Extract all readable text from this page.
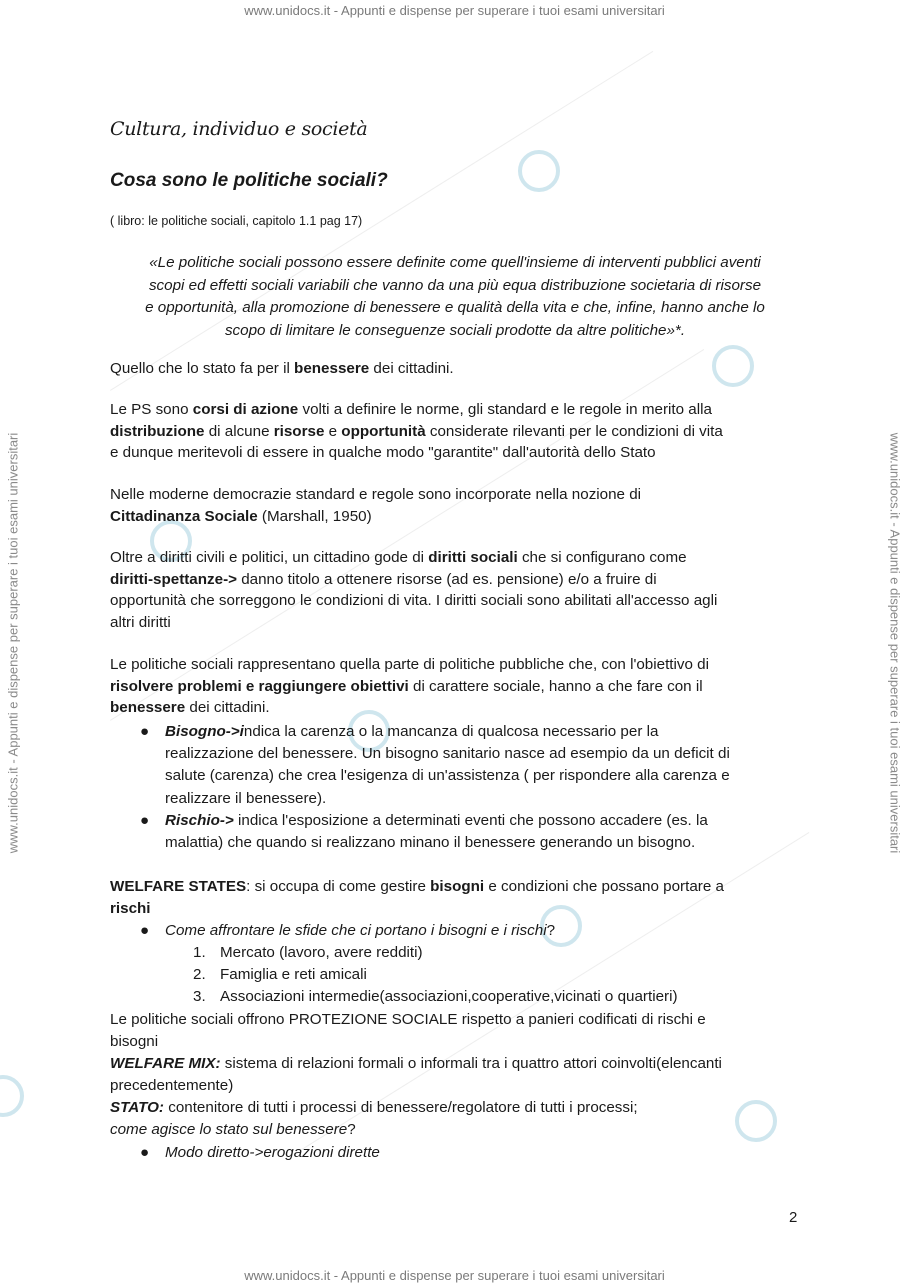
www.unidocs.it - Appunti e dispense per superare i tuoi esami universitari
www.unidocs.it - Appunti e dispense per superare i tuoi esami universitari
www.unidocs.it - Appunti e dispense per superare i tuoi esami universitari	www.unidocs.it - Appunti e dispense per superare i tuoi esami universitari
Cultura, individuo e società
Cosa sono le politiche sociali?
( libro: le politiche sociali, capitolo 1.1 pag 17)
«Le politiche sociali possono essere definite come quell'insieme di interventi pubblici aventi
scopi ed effetti sociali variabili che vanno da una più equa distribuzione societaria di risorse
e opportunità, alla promozione di benessere e qualità della vita e che, infine, hanno anche lo
scopo di limitare le conseguenze sociali prodotte da altre politiche»*.
Quello che lo stato fa per il benessere dei cittadini.
Le PS sono corsi di azione volti a definire le norme, gli standard e le regole in merito alla
distribuzione di alcune risorse e opportunità considerate rilevanti per le condizioni di vita
e dunque meritevoli di essere in qualche modo "garantite" dall'autorità dello Stato
Nelle moderne democrazie standard e regole sono incorporate nella nozione di
Cittadinanza Sociale (Marshall, 1950)
Oltre a diritti civili e politici, un cittadino gode di diritti sociali che si configurano come
diritti-spettanze-> danno titolo a ottenere risorse (ad es. pensione) e/o a fruire di
opportunità che sorreggono le condizioni di vita. I diritti sociali sono abilitati all'accesso agli
altri diritti
Le politiche sociali rappresentano quella parte di politiche pubbliche che, con l'obiettivo di
risolvere problemi e raggiungere obiettivi di carattere sociale, hanno a che fare con il
benessere dei cittadini.
● Bisogno->indica la carenza o la mancanza di qualcosa necessario per la
realizzazione del benessere. Un bisogno sanitario nasce ad esempio da un deficit di
salute (carenza) che crea l'esigenza di un'assistenza ( per rispondere alla carenza e
realizzare il benessere).
● Rischio-> indica l'esposizione a determinati eventi che possono accadere (es. la
malattia) che quando si realizzano minano il benessere generando un bisogno.
WELFARE STATES: si occupa di come gestire bisogni e condizioni che possano portare a
rischi
● Come affrontare le sfide che ci portano i bisogni e i rischi?
1. Mercato (lavoro, avere redditi)
2. Famiglia e reti amicali
3. Associazioni intermedie(associazioni,cooperative,vicinati o quartieri)
Le politiche sociali offrono PROTEZIONE SOCIALE rispetto a panieri codificati di rischi e
bisogni
WELFARE MIX: sistema di relazioni formali o informali tra i quattro attori coinvolti(elencanti
precedentemente)
STATO: contenitore di tutti i processi di benessere/regolatore di tutti i processi;
come agisce lo stato sul benessere?
● Modo diretto->erogazioni dirette
2
